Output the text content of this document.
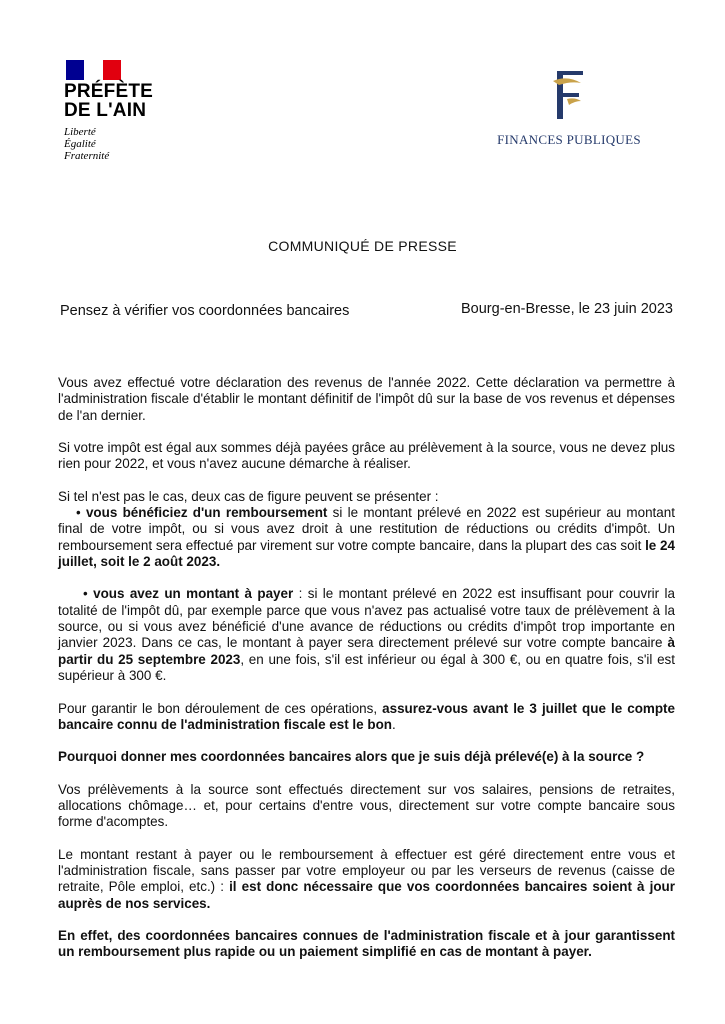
PRÉFÈTE
DE L'AIN
Liberté
Égalité
Fraternité
FINANCES PUBLIQUES
COMMUNIQUÉ DE PRESSE
Pensez à vérifier vos coordonnées bancaires	Bourg-en-Bresse, le 23 juin 2023

Vous avez effectué votre déclaration des revenus de l'année 2022. Cette déclaration va permettre à l'administration fiscale d'établir le montant définitif de l'impôt dû sur la base de vos revenus et dépenses de l'an dernier.

Si votre impôt est égal aux sommes déjà payées grâce au prélèvement à la source, vous ne devez plus rien pour 2022, et vous n'avez aucune démarche à réaliser.

Si tel n'est pas le cas, deux cas de figure peuvent se présenter :
• vous bénéficiez d'un remboursement si le montant prélevé en 2022 est supérieur au montant final de votre impôt, ou si vous avez droit à une restitution de réductions ou crédits d'impôt. Un remboursement sera effectué par virement sur votre compte bancaire, dans la plupart des cas soit le 24 juillet, soit le 2 août 2023.

• vous avez un montant à payer : si le montant prélevé en 2022 est insuffisant pour couvrir la totalité de l'impôt dû, par exemple parce que vous n'avez pas actualisé votre taux de prélèvement à la source, ou si vous avez bénéficié d'une avance de réductions ou crédits d'impôt trop importante en janvier 2023. Dans ce cas, le montant à payer sera directement prélevé sur votre compte bancaire à partir du 25 septembre 2023, en une fois, s'il est inférieur ou égal à 300 €, ou en quatre fois, s'il est supérieur à 300 €.

Pour garantir le bon déroulement de ces opérations, assurez-vous avant le 3 juillet que le compte bancaire connu de l'administration fiscale est le bon.

Pourquoi donner mes coordonnées bancaires alors que je suis déjà prélevé(e) à la source ?

Vos prélèvements à la source sont effectués directement sur vos salaires, pensions de retraites, allocations chômage… et, pour certains d'entre vous, directement sur votre compte bancaire sous forme d'acomptes.

Le montant restant à payer ou le remboursement à effectuer est géré directement entre vous et l'administration fiscale, sans passer par votre employeur ou par les verseurs de revenus (caisse de retraite, Pôle emploi, etc.) : il est donc nécessaire que vos coordonnées bancaires soient à jour auprès de nos services.

En effet, des coordonnées bancaires connues de l'administration fiscale et à jour garantissent un remboursement plus rapide ou un paiement simplifié en cas de montant à payer.
